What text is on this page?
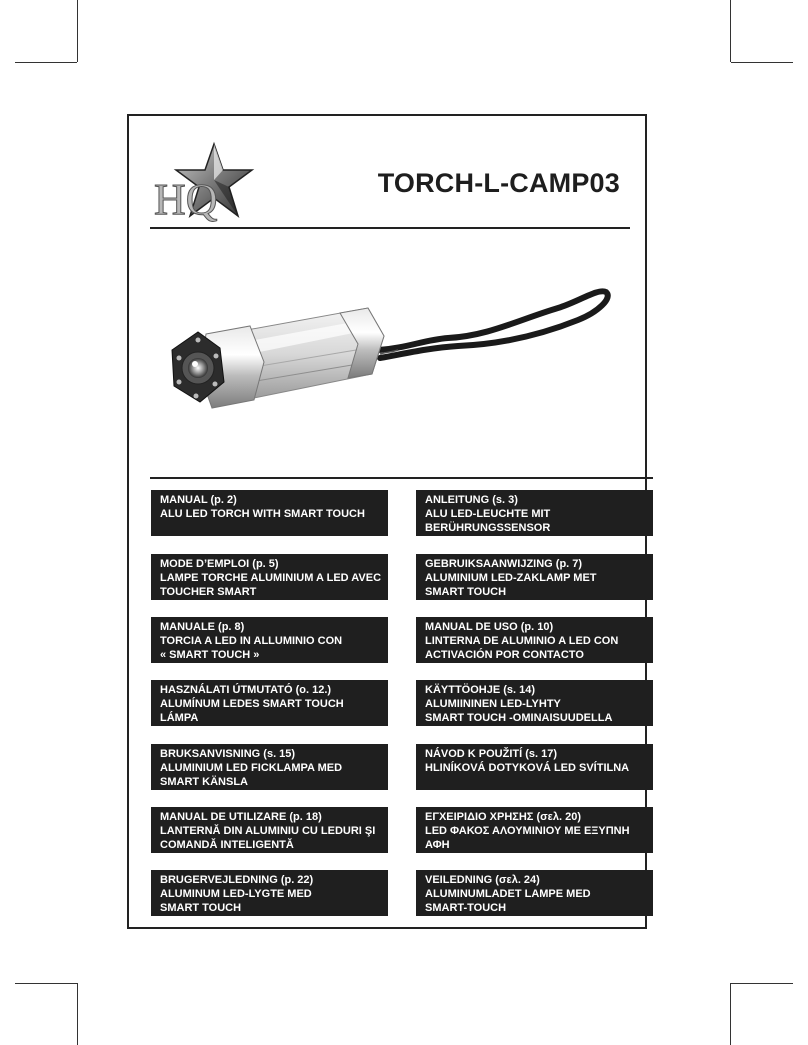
HQ	TORCH-L-CAMP03
MANUAL (p. 2)
ALU LED TORCH WITH SMART TOUCH
ANLEITUNG (s. 3)
ALU LED-LEUCHTE MIT
BERÜHRUNGSSENSOR
MODE D’EMPLOI (p. 5)
LAMPE TORCHE ALUMINIUM A LED AVEC
TOUCHER SMART
GEBRUIKSAANWIJZING (p. 7)
ALUMINIUM LED-ZAKLAMP MET
SMART TOUCH
MANUALE (p. 8)
TORCIA A LED IN ALLUMINIO CON
« SMART TOUCH »
MANUAL DE USO (p. 10)
LINTERNA DE ALUMINIO A LED CON
ACTIVACIÓN POR CONTACTO
HASZNÁLATI ÚTMUTATÓ (o. 12.)
ALUMÍNUM LEDES SMART TOUCH
LÁMPA
KÄYTTÖOHJE (s. 14)
ALUMIININEN LED-LYHTY
SMART TOUCH -OMINAISUUDELLA
BRUKSANVISNING (s. 15)
ALUMINIUM LED FICKLAMPA MED
SMART KÄNSLA
NÁVOD K POUŽITÍ (s. 17)
HLINÍKOVÁ DOTYKOVÁ LED SVÍTILNA
MANUAL DE UTILIZARE (p. 18)
LANTERNĂ DIN ALUMINIU CU LEDURI ŞI
COMANDĂ INTELIGENTĂ
ΕΓΧΕΙΡΙΔΙΟ ΧΡΗΣΗΣ (σελ. 20)
LED ΦΑΚΟΣ ΑΛΟΥΜΙΝΙΟΥ ΜΕ ΕΞΥΠΝΗ
ΑΦΗ
BRUGERVEJLEDNING (p. 22)
ALUMINUM LED-LYGTE MED
SMART TOUCH
VEILEDNING (σελ. 24)
ALUMINUMLADET LAMPE MED
SMART-TOUCH
